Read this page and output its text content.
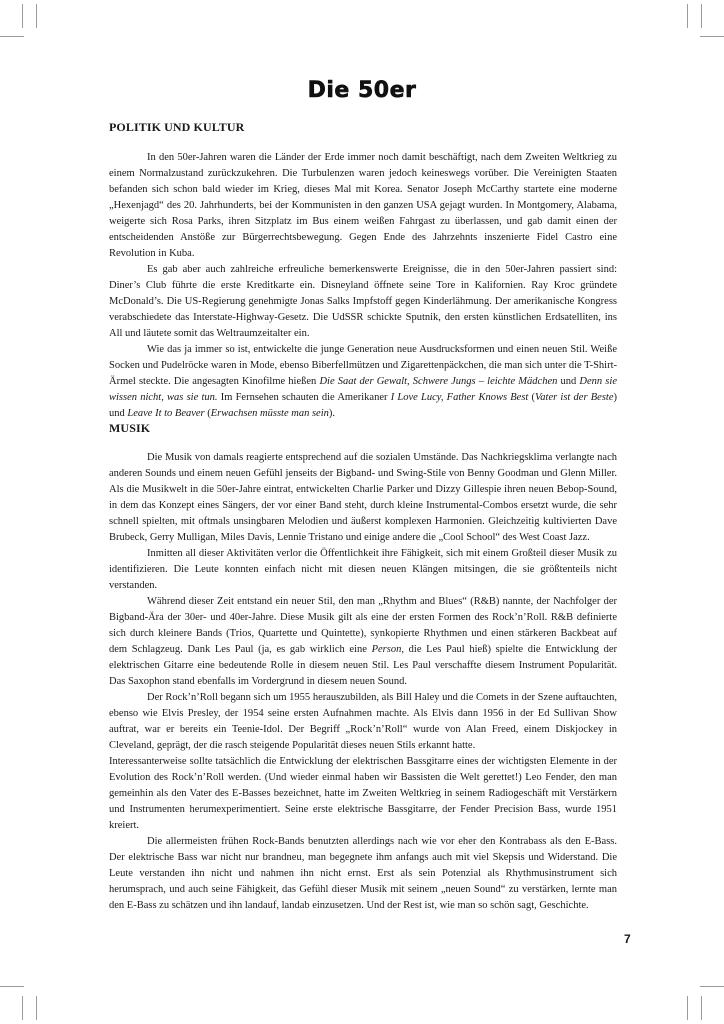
Die 50er
POLITIK UND KULTUR

In den 50er-Jahren waren die Länder der Erde immer noch damit beschäftigt, nach dem Zweiten Weltkrieg zu einem Normalzustand zurückzukehren. Die Turbulenzen waren jedoch keineswegs vorüber. Die Vereinigten Staaten befanden sich schon bald wieder im Krieg, dieses Mal mit Korea. Senator Joseph McCarthy startete eine moderne „Hexenjagd“ des 20. Jahrhunderts, bei der Kommunisten in den ganzen USA gejagt wurden. In Montgomery, Alabama, weigerte sich Rosa Parks, ihren Sitzplatz im Bus einem weißen Fahrgast zu überlassen, und gab damit einen der entscheidenden Anstöße zur Bürgerrechtsbewegung. Gegen Ende des Jahrzehnts inszenierte Fidel Castro eine Revolution in Kuba.

Es gab aber auch zahlreiche erfreuliche bemerkenswerte Ereignisse, die in den 50er-Jahren passiert sind: Diner’s Club führte die erste Kreditkarte ein. Disneyland öffnete seine Tore in Kalifornien. Ray Kroc gründete McDonald’s. Die US-Regierung genehmigte Jonas Salks Impfstoff gegen Kinderlähmung. Der amerikanische Kongress verabschiedete das Interstate-Highway-Gesetz. Die UdSSR schickte Sputnik, den ersten künstlichen Erdsatelliten, ins All und läutete somit das Weltraumzeitalter ein.

Wie das ja immer so ist, entwickelte die junge Generation neue Ausdrucksformen und einen neuen Stil. Weiße Socken und Pudelröcke waren in Mode, ebenso Biberfellmützen und Zigarettenpäckchen, die man sich unter die T-Shirt-Ärmel steckte. Die angesagten Kinofilme hießen Die Saat der Gewalt, Schwere Jungs – leichte Mädchen und Denn sie wissen nicht, was sie tun. Im Fernsehen schauten die Amerikaner I Love Lucy, Father Knows Best (Vater ist der Beste) und Leave It to Beaver (Erwachsen müsste man sein).

MUSIK

Die Musik von damals reagierte entsprechend auf die sozialen Umstände. Das Nachkriegsklima verlangte nach anderen Sounds und einem neuen Gefühl jenseits der Bigband- und Swing-Stile von Benny Goodman und Glenn Miller. Als die Musikwelt in die 50er-Jahre eintrat, entwickelten Charlie Parker und Dizzy Gillespie ihren neuen Bebop-Sound, in dem das Konzept eines Sängers, der vor einer Band steht, durch kleine Instrumental-Combos ersetzt wurde, die sehr schnell spielten, mit oftmals unsingbaren Melodien und äußerst komplexen Harmonien. Gleichzeitig kultivierten Dave Brubeck, Gerry Mulligan, Miles Davis, Lennie Tristano und einige andere die „Cool School“ des West Coast Jazz.

Inmitten all dieser Aktivitäten verlor die Öffentlichkeit ihre Fähigkeit, sich mit einem Großteil dieser Musik zu identifizieren. Die Leute konnten einfach nicht mit diesen neuen Klängen mitsingen, die sie größtenteils nicht verstanden.

Während dieser Zeit entstand ein neuer Stil, den man „Rhythm and Blues“ (R&B) nannte, der Nachfolger der Bigband-Ära der 30er- und 40er-Jahre. Diese Musik gilt als eine der ersten Formen des Rock’n’Roll. R&B definierte sich durch kleinere Bands (Trios, Quartette und Quintette), synkopierte Rhythmen und einen stärkeren Backbeat auf dem Schlagzeug. Dank Les Paul (ja, es gab wirklich eine Person, die Les Paul hieß) spielte die Entwicklung der elektrischen Gitarre eine bedeutende Rolle in diesem neuen Stil. Les Paul verschaffte diesem Instrument Popularität. Das Saxophon stand ebenfalls im Vordergrund in diesem neuen Sound.

Der Rock’n’Roll begann sich um 1955 herauszubilden, als Bill Haley und die Comets in der Szene auftauchten, ebenso wie Elvis Presley, der 1954 seine ersten Aufnahmen machte. Als Elvis dann 1956 in der Ed Sullivan Show auftrat, war er bereits ein Teenie-Idol. Der Begriff „Rock’n’Roll“ wurde von Alan Freed, einem Diskjockey in Cleveland, geprägt, der die rasch steigende Popularität dieses neuen Stils erkannt hatte.

Interessanterweise sollte tatsächlich die Entwicklung der elektrischen Bassgitarre eines der wichtigsten Elemente in der Evolution des Rock’n’Roll werden. (Und wieder einmal haben wir Bassisten die Welt gerettet!) Leo Fender, den man gemeinhin als den Vater des E-Basses bezeichnet, hatte im Zweiten Weltkrieg in seinem Radiogeschäft mit Verstärkern und Instrumenten herumexperimentiert. Seine erste elektrische Bassgitarre, der Fender Precision Bass, wurde 1951 kreiert.

Die allermeisten frühen Rock-Bands benutzten allerdings nach wie vor eher den Kontrabass als den E-Bass. Der elektrische Bass war nicht nur brandneu, man begegnete ihm anfangs auch mit viel Skepsis und Widerstand. Die Leute verstanden ihn nicht und nahmen ihn nicht ernst. Erst als sein Potenzial als Rhythmusinstrument sich herumsprach, und auch seine Fähigkeit, das Gefühl dieser Musik mit seinem „neuen Sound“ zu verstärken, lernte man den E-Bass zu schätzen und ihn landauf, landab einzusetzen. Und der Rest ist, wie man so schön sagt, Geschichte.

7
